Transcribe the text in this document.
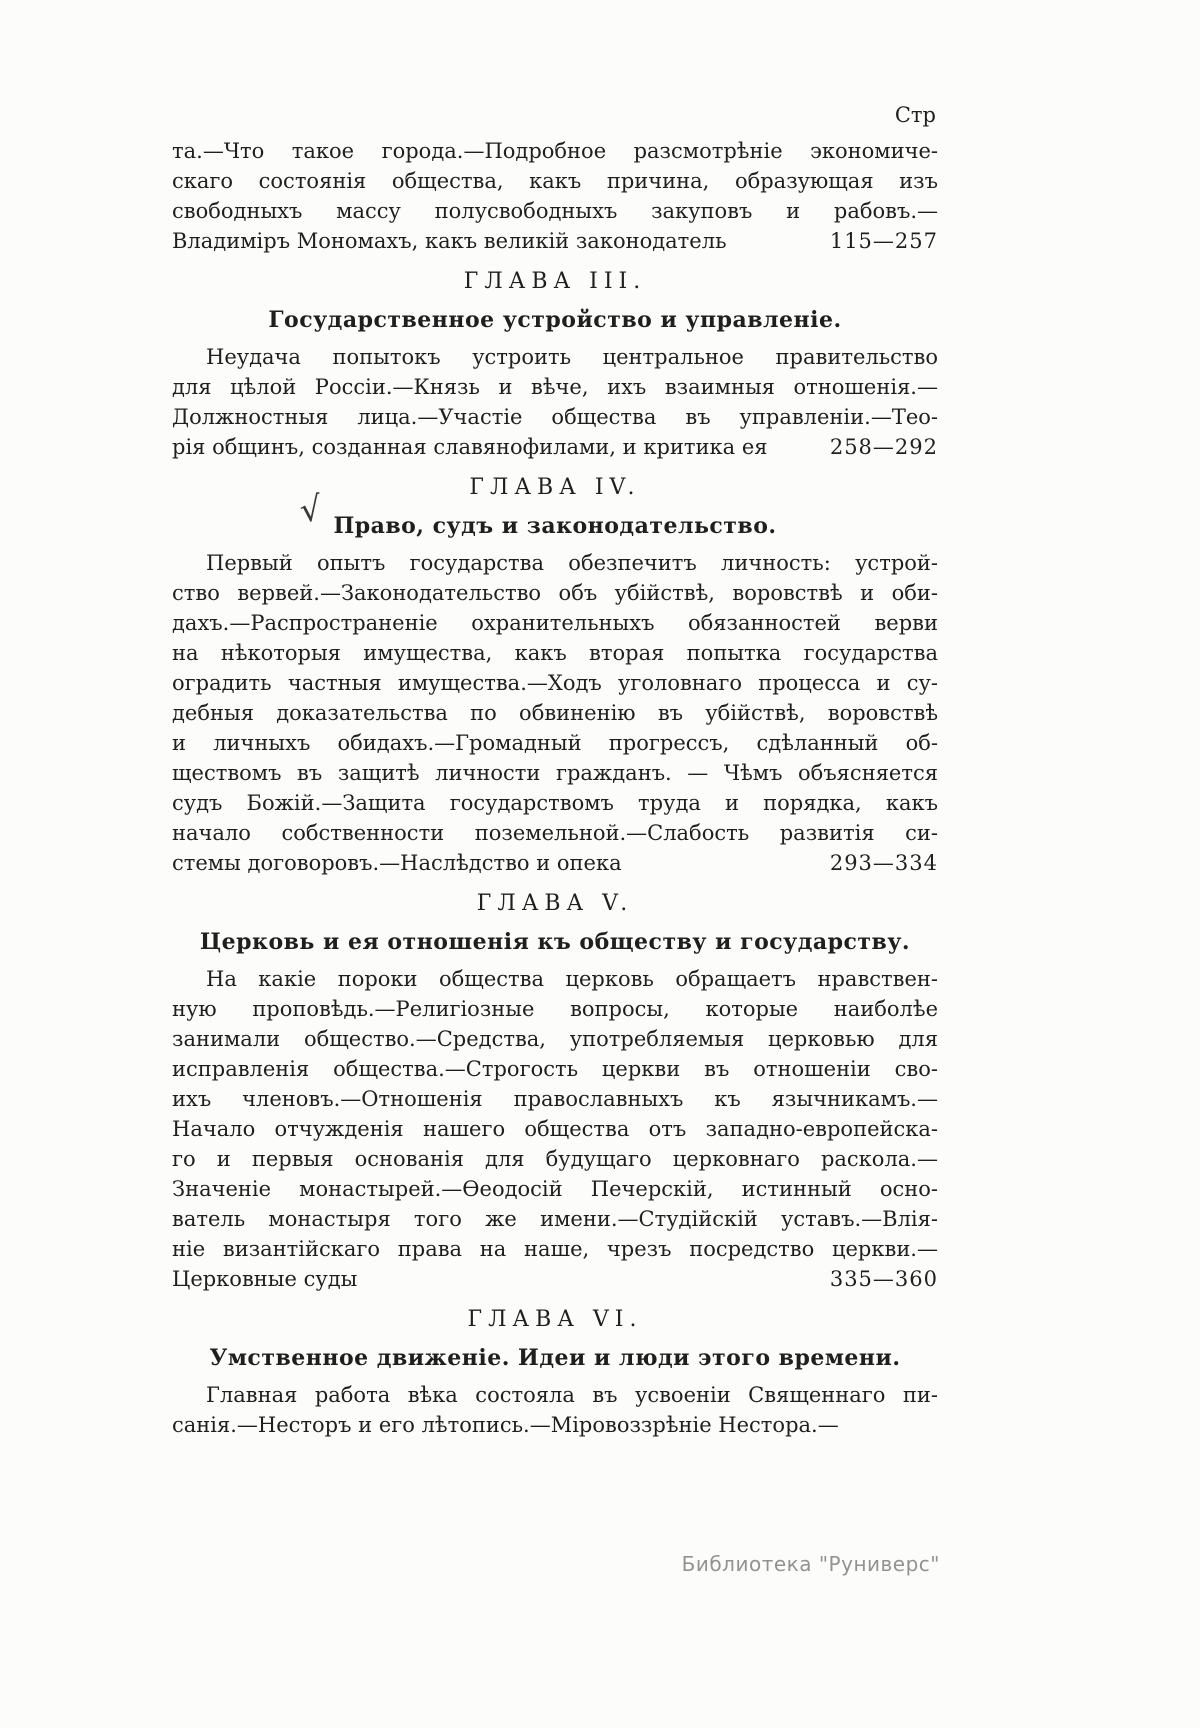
Стр
та.—Что такое города.—Подробное разсмотрѣніе экономиче-
скаго состоянія общества, какъ причина, образующая изъ
свободныхъ массу полусвободныхъ закуповъ и рабовъ.—
Владиміръ Мономахъ, какъ великій законодатель	115—257
ГЛАВА III.
Государственное устройство и управленіе.
Неудача попытокъ устроить центральное правительство
для цѣлой Россіи.—Князь и вѣче, ихъ взаимныя отношенія.—
Должностныя лица.—Участіе общества въ управленіи.—Тео-
рія общинъ, созданная славянофилами, и критика ея	258—292
ГЛАВА IV.
√ Право, судъ и законодательство.
Первый опытъ государства обезпечитъ личность: устрой-
ство вервей.—Законодательство объ убійствѣ, воровствѣ и оби-
дахъ.—Распространеніе охранительныхъ обязанностей верви
на нѣкоторыя имущества, какъ вторая попытка государства
оградить частныя имущества.—Ходъ уголовнаго процесса и су-
дебныя доказательства по обвиненію въ убійствѣ, воровствѣ
и личныхъ обидахъ.—Громадный прогрессъ, сдѣланный об-
ществомъ въ защитѣ личности гражданъ. — Чѣмъ объясняется
судъ Божій.—Защита государствомъ труда и порядка, какъ
начало собственности поземельной.—Слабость развитія си-
стемы договоровъ.—Наслѣдство и опека	293—334
ГЛАВА V.
Церковь и ея отношенія къ обществу и государству.
На какіе пороки общества церковь обращаетъ нравствен-
ную проповѣдь.—Религіозные вопросы, которые наиболѣе
занимали общество.—Средства, употребляемыя церковью для
исправленія общества.—Строгость церкви въ отношеніи сво-
ихъ членовъ.—Отношенія православныхъ къ язычникамъ.—
Начало отчужденія нашего общества отъ западно-европейска-
го и первыя основанія для будущаго церковнаго раскола.—
Значеніе монастырей.—Ѳеодосій Печерскій, истинный осно-
ватель монастыря того же имени.—Студійскій уставъ.—Влія-
ніе византійскаго права на наше, чрезъ посредство церкви.—
Церковные суды	335—360
ГЛАВА VI.
Умственное движеніе. Идеи и люди этого времени.
Главная работа вѣка состояла въ усвоеніи Священнаго пи-
санія.—Несторъ и его лѣтопись.—Міровоззрѣніе Нестора.—
Библиотека "Руниверс"
